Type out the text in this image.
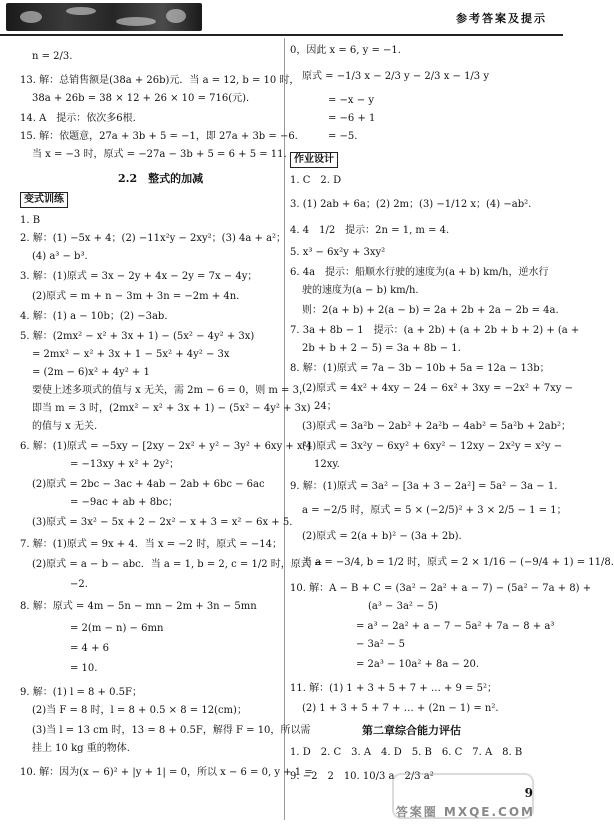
参考答案及提示
n = 2/3.
13. 解：总销售额是(38a + 26b)元．当 a = 12, b = 10 时，
38a + 26b = 38 × 12 + 26 × 10 = 716(元)．
14. A　提示：依次多6根．
15. 解：依题意，27a + 3b + 5 = −1，即 27a + 3b = −6.
当 x = −3 时，原式 = −27a − 3b + 5 = 6 + 5 = 11.
2.2　整式的加减
变式训练
1. B
2. 解：(1) −5x + 4；(2) −11x²y − 2xy²；(3) 4a + a²；
(4) a³ − b³.
3. 解：(1)原式 = 3x − 2y + 4x − 2y = 7x − 4y；
(2)原式 = m + n − 3m + 3n = −2m + 4n.
4. 解：(1) a − 10b；(2) −3ab.
5. 解：(2mx² − x² + 3x + 1) − (5x² − 4y² + 3x)
= 2mx² − x² + 3x + 1 − 5x² + 4y² − 3x
= (2m − 6)x² + 4y² + 1
要使上述多项式的值与 x 无关，需 2m − 6 = 0，则 m = 3，
即当 m = 3 时，(2mx² − x² + 3x + 1) − (5x² − 4y² + 3x)
的值与 x 无关.
6. 解：(1)原式 = −5xy − [2xy − 2x² + y² − 3y² + 6xy + x²]
= −13xy + x² + 2y²；
(2)原式 = 2bc − 3ac + 4ab − 2ab + 6bc − 6ac
= −9ac + ab + 8bc；
(3)原式 = 3x² − 5x + 2 − 2x² − x + 3 = x² − 6x + 5.
7. 解：(1)原式 = 9x + 4．当 x = −2 时，原式 = −14；
(2)原式 = a − b − abc．当 a = 1, b = 2, c = 1/2 时，原式 =
−2.
8. 解：原式 = 4m − 5n − mn − 2m + 3n − 5mn
= 2(m − n) − 6mn
= 4 + 6
= 10.
9. 解：(1) l = 8 + 0.5F；
(2)当 F = 8 时，l = 8 + 0.5 × 8 = 12(cm)；
(3)当 l = 13 cm 时，13 = 8 + 0.5F，解得 F = 10，所以需
挂上 10 kg 重的物体.
10. 解：因为(x − 6)² + |y + 1| = 0，所以 x − 6 = 0, y + 1 =
0，因此 x = 6, y = −1.
原式 = −1/3 x − 2/3 y − 2/3 x − 1/3 y
= −x − y
= −6 + 1
= −5.
作业设计
1. C　2. D
3. (1) 2ab + 6a；(2) 2m；(3) −1/12 x；(4) −ab².
4. 4　1/2　提示：2n = 1, m = 4.
5. x³ − 6x²y + 3xy²
6. 4a　提示：船顺水行驶的速度为(a + b) km/h，逆水行
驶的速度为(a − b) km/h.
则：2(a + b) + 2(a − b) = 2a + 2b + 2a − 2b = 4a.
7. 3a + 8b − 1　提示：(a + 2b) + (a + 2b + b + 2) + (a +
2b + b + 2 − 5) = 3a + 8b − 1.
8. 解：(1)原式 = 7a − 3b − 10b + 5a = 12a − 13b；
(2)原式 = 4x² + 4xy − 24 − 6x² + 3xy = −2x² + 7xy −
24；
(3)原式 = 3a²b − 2ab² + 2a²b − 4ab² = 5a²b + 2ab²；
(4)原式 = 3x²y − 6xy² + 6xy² − 12xy − 2x²y = x²y −
12xy.
9. 解：(1)原式 = 3a² − [3a + 3 − 2a²] = 5a² − 3a − 1.
a = −2/5 时，原式 = 5 × (−2/5)² + 3 × 2/5 − 1 = 1；
(2)原式 = 2(a + b)² − (3a + 2b).
当 a = −3/4, b = 1/2 时，原式 = 2 × 1/16 − (−9/4 + 1) = 11/8.
10. 解：A − B + C = (3a² − 2a² + a − 7) − (5a² − 7a + 8) +
(a³ − 3a² − 5)
= a³ − 2a² + a − 7 − 5a² + 7a − 8 + a³
− 3a² − 5
= 2a³ − 10a² + 8a − 20.
11. 解：(1) 1 + 3 + 5 + 7 + … + 9 = 5²；
(2) 1 + 3 + 5 + 7 + … + (2n − 1) = n².
第二章综合能力评估
1. D　2. C　3. A　4. D　5. B　6. C　7. A　8. B
9. −2　2　10. 10/3 a　2/3 a²
答案圈 MXQE.COM
9
